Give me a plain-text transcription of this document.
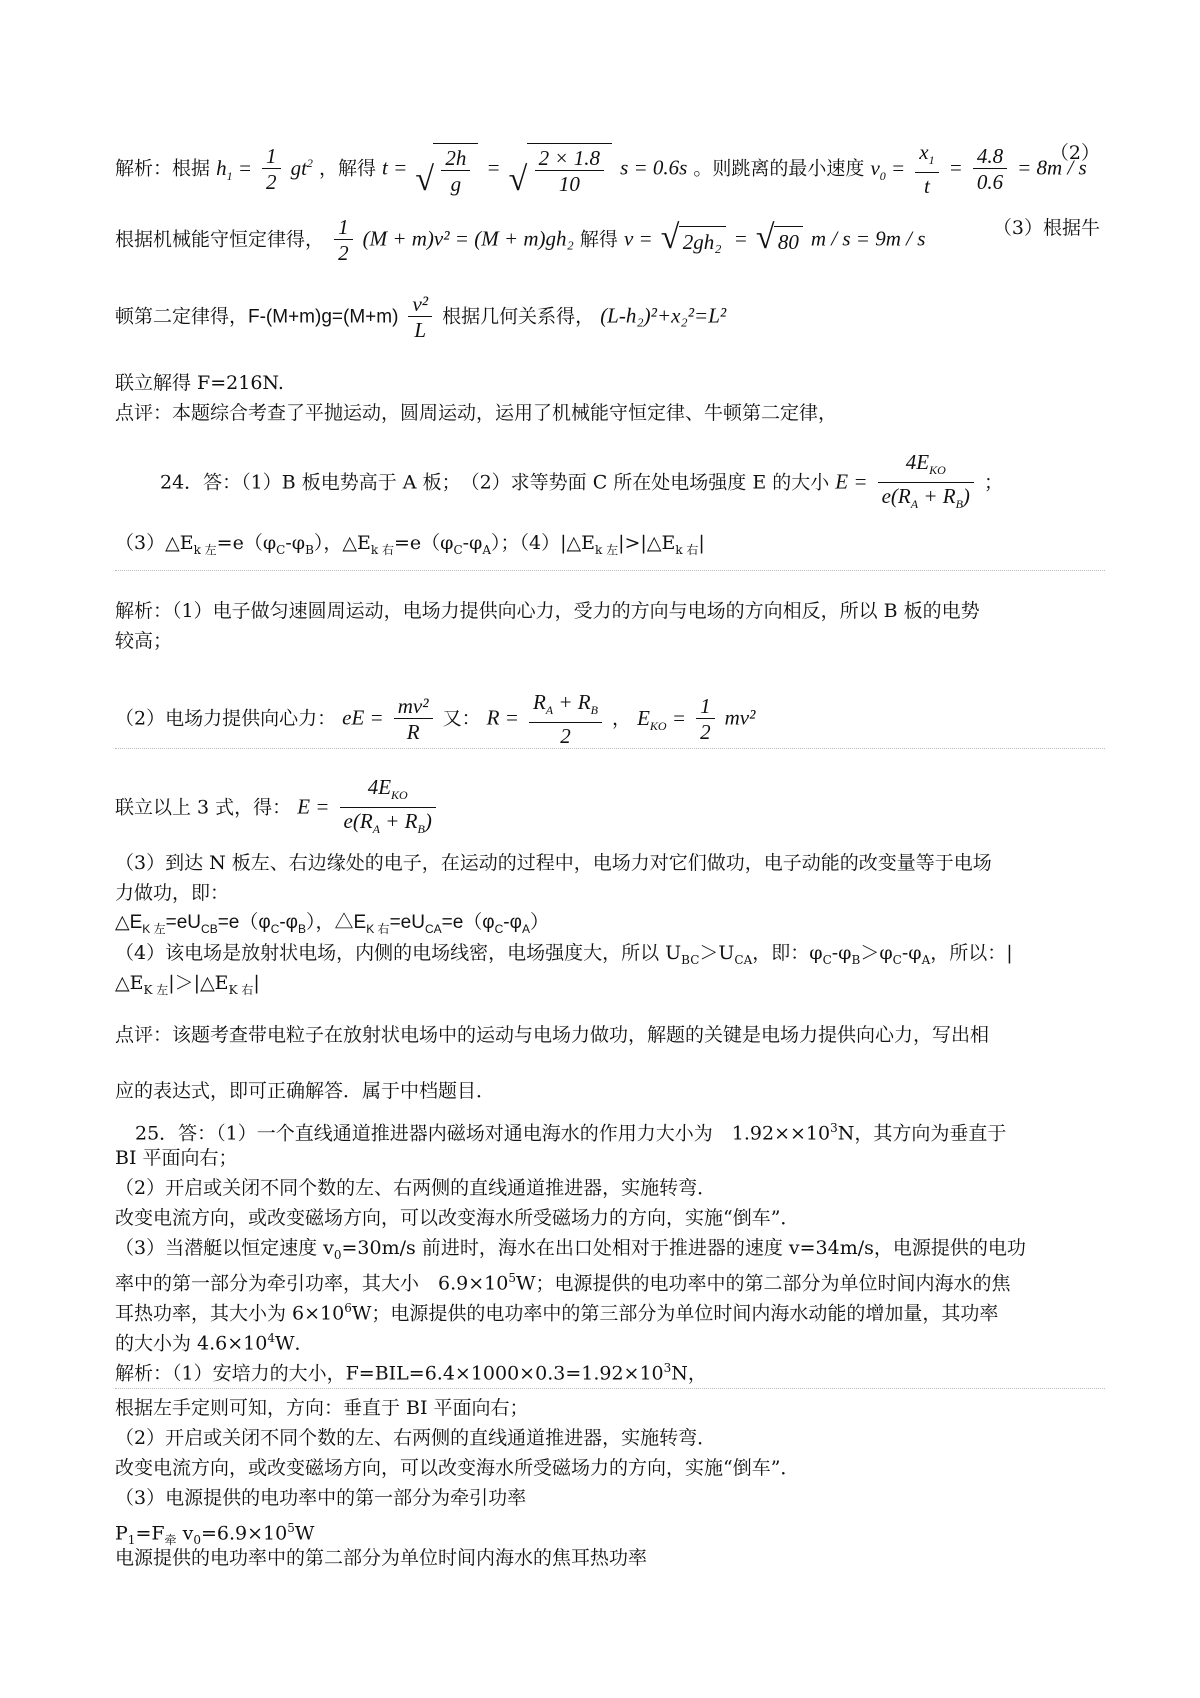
解析：根据 $h_1 = \frac{1}{2} gt^2$ ，解得 t = √ $\frac{2h}{g}$ = √ $\frac{2 \times 1.8}{10}$ s = 0.6s 。则跳离的最小速度 $v_0 = \frac{x_1}{t} = \frac{4.8}{0.6} = 8m / s$
（2）
根据机械能守恒定律得， $\frac{1}{2} (M + m)v^2 = (M + m)gh_2$ 解得 v = √ 2gh₂ = √ 80 m / s = 9m / s	（3）根据牛
顿第二定律得，$F-(M+m)g=(M+m) \frac{\text{v²}}{L}$ 根据几何关系得， (L-h₂)²+x₂²=L²
联立解得 F=216N.
点评：本题综合考查了平抛运动，圆周运动，运用了机械能守恒定律、牛顿第二定律，
24．答：（1）B 板电势高于 A 板；　（2）求等势面 C 所在处电场强度 E 的大小 $E = \frac{4E_{KO}}{e(R_A + R_B)}$ ；
$(3)\triangle E_{k 左}=e(\varphi_C-\varphi_B)$，$\triangle E_{k 右}=e(\varphi_C-\varphi_A)$；$(4)|\triangle E_{k 左}|>|\triangle E_{k 右}|$
解析：（1）电子做匀速圆周运动，电场力提供向心力，受力的方向与电场的方向相反，所以 B 板的电势
较高；
（2）电场力提供向心力： eE = $\frac{\text{mv²}}{R}$ 又： $R = \frac{R_A + R_B}{2}$ ， $E_{KO} = \frac{1}{2} mv^2$
联立以上 3 式，得： $E = \frac{4E_{KO}}{e(R_A + R_B)}$
（3）到达 N 板左、右边缘处的电子，在运动的过程中，电场力对它们做功，电子动能的改变量等于电场
力做功，即：
$\triangle E_{K 左}=eU_{CB}=e(\varphi_C-\varphi_B)$，$\triangle E_{K 右}=eU_{CA}=e(\varphi_C-\varphi_A)$
（4）该电场是放射状电场，内侧的电场线密，电场强度大，所以 $U_{BC}>U_{CA}$，即：$\varphi_C-\varphi_B>\varphi_C-\varphi_A$，所以：|
$\triangle E_{K 左}|>|\triangle E_{K 右}|$
点评：该题考查带电粒子在放射状电场中的运动与电场力做功，解题的关键是电场力提供向心力，写出相
应的表达式，即可正确解答．属于中档题目．
25．答：（1）一个直线通道推进器内磁场对通电海水的作用力大小为　$1.92\times\times 10^3N$，其方向为垂直于
BI 平面向右；
（2）开启或关闭不同个数的左、右两侧的直线通道推进器，实施转弯．
改变电流方向，或改变磁场方向，可以改变海水所受磁场力的方向，实施“倒车”．
（3）当潜艇以恒定速度 $v_0=30m/s$ 前进时，海水在出口处相对于推进器的速度 v=34m/s，电源提供的电功
率中的第一部分为牵引功率，其大小　$6.9\times 10^5W$；电源提供的电功率中的第二部分为单位时间内海水的焦
耳热功率，其大小为 $6\times 10^6W$；电源提供的电功率中的第三部分为单位时间内海水动能的增加量，其功率
的大小为 $4.6\times 10^4W$．
解析：（1）安培力的大小，$F=BIL=6.4\times 1000\times 0.3=1.92\times 10^3N$，
根据左手定则可知，方向：垂直于 BI 平面向右；
（2）开启或关闭不同个数的左、右两侧的直线通道推进器，实施转弯．
改变电流方向，或改变磁场方向，可以改变海水所受磁场力的方向，实施“倒车”．
（3）电源提供的电功率中的第一部分为牵引功率
$P_1=F_牵$ $v_0=6.9\times 10^5W$
电源提供的电功率中的第二部分为单位时间内海水的焦耳热功率
